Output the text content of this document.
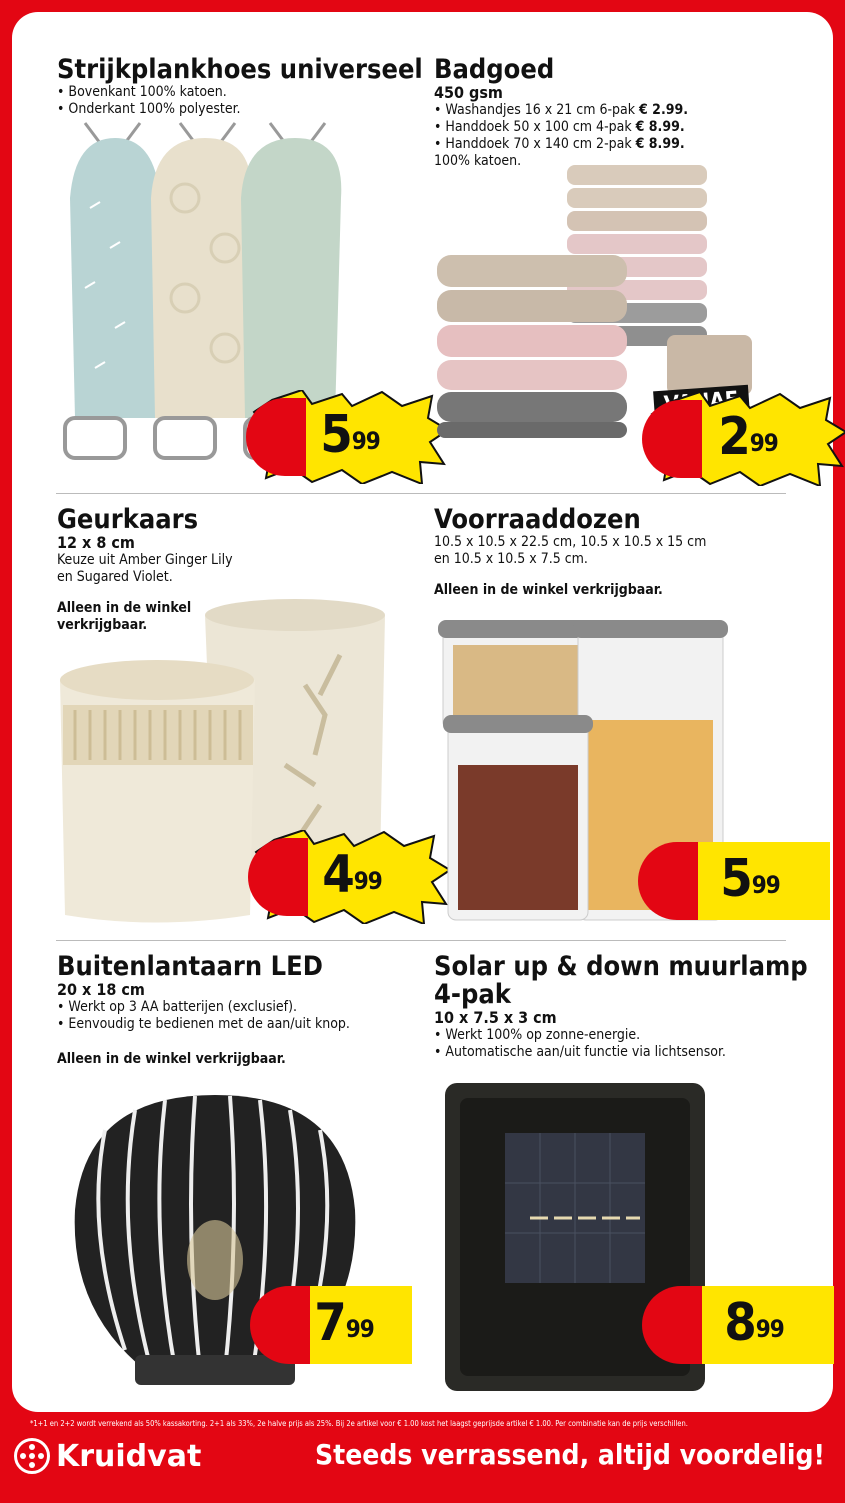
Strijkplankhoes universeel
• Bovenkant 100% katoen.
• Onderkant 100% polyester.
$5^{99}$
Badgoed
450 gsm
• Washandjes 16 x 21 cm 6-pak € 2.99.
• Handdoek 50 x 100 cm 4-pak € 8.99.
• Handdoek 70 x 140 cm 2-pak € 8.99.
100% katoen.
$2^{99}$
Geurkaars
12 x 8 cm
Keuze uit Amber Ginger Lily
en Sugared Violet.
Alleen in de winkel
verkrijgbaar.
$4^{99}$
Voorraaddozen
10.5 x 10.5 x 22.5 cm, 10.5 x 10.5 x 15 cm
en 10.5 x 10.5 x 7.5 cm.
Alleen in de winkel verkrijgbaar.
$5^{99}$
Buitenlantaarn LED
20 x 18 cm
• Werkt op 3 AA batterijen (exclusief).
• Eenvoudig te bedienen met de aan/uit knop.
Alleen in de winkel verkrijgbaar.
$7^{99}$
Solar up & down muurlamp
4-pak
10 x 7.5 x 3 cm
• Werkt 100% op zonne-energie.
• Automatische aan/uit functie via lichtsensor.
$8^{99}$
*1+1 en 2+2 wordt verrekend als 50% kassakorting. 2+1 als 33%, 2e halve prijs als 25%. Bij 2e artikel voor € 1.00 kost het laagst geprijsde artikel € 1.00. Per combinatie kan de prijs verschillen.
Kruidvat	Steeds verrassend, altijd voordelig!
